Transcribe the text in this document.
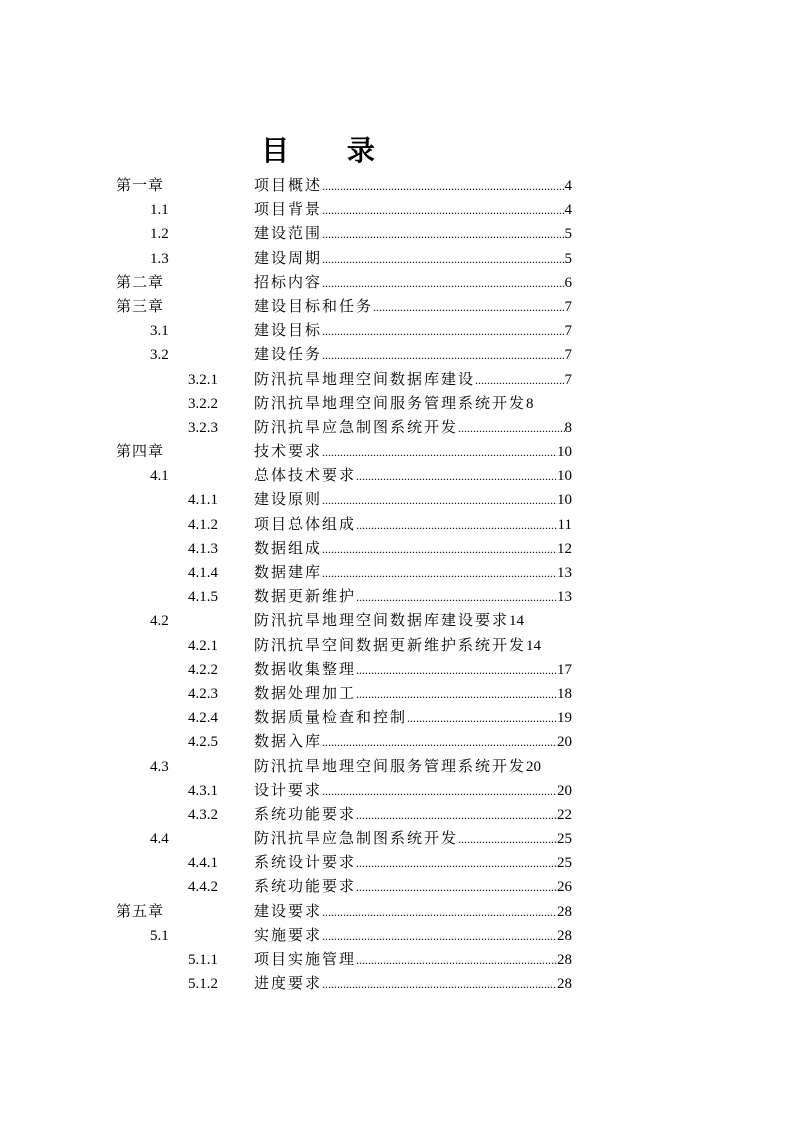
目 录
第一章	项目概述 .....	4
1.1	项目背景 .....	4
1.2	建设范围 .....	5
1.3	建设周期 .....	5
第二章	招标内容 .....	6
第三章	建设目标和任务 .....	7
3.1	建设目标 .....	7
3.2	建设任务 .....	7
3.2.1 防汛抗旱地理空间数据库建设 .....	7
3.2.2 防汛抗旱地理空间服务管理系统开发 8
3.2.3 防汛抗旱应急制图系统开发 .....	8
第四章	技术要求 .....	10
4.1	总体技术要求 .....	10
4.1.1 建设原则 .....	10
4.1.2 项目总体组成 .....	11
4.1.3 数据组成 .....	12
4.1.4 数据建库 .....	13
4.1.5 数据更新维护 .....	13
4.2	防汛抗旱地理空间数据库建设要求 14
4.2.1 防汛抗旱空间数据更新维护系统开发 14
4.2.2 数据收集整理 .....	17
4.2.3 数据处理加工 .....	18
4.2.4 数据质量检查和控制 .....	19
4.2.5 数据入库 .....	20
4.3	防汛抗旱地理空间服务管理系统开发 20
4.3.1 设计要求 .....	20
4.3.2 系统功能要求 .....	22
4.4	防汛抗旱应急制图系统开发 .....	25
4.4.1 系统设计要求 .....	25
4.4.2 系统功能要求 .....	26
第五章	建设要求 .....	28
5.1	实施要求 .....	28
5.1.1 项目实施管理 .....	28
5.1.2 进度要求 .....	28
